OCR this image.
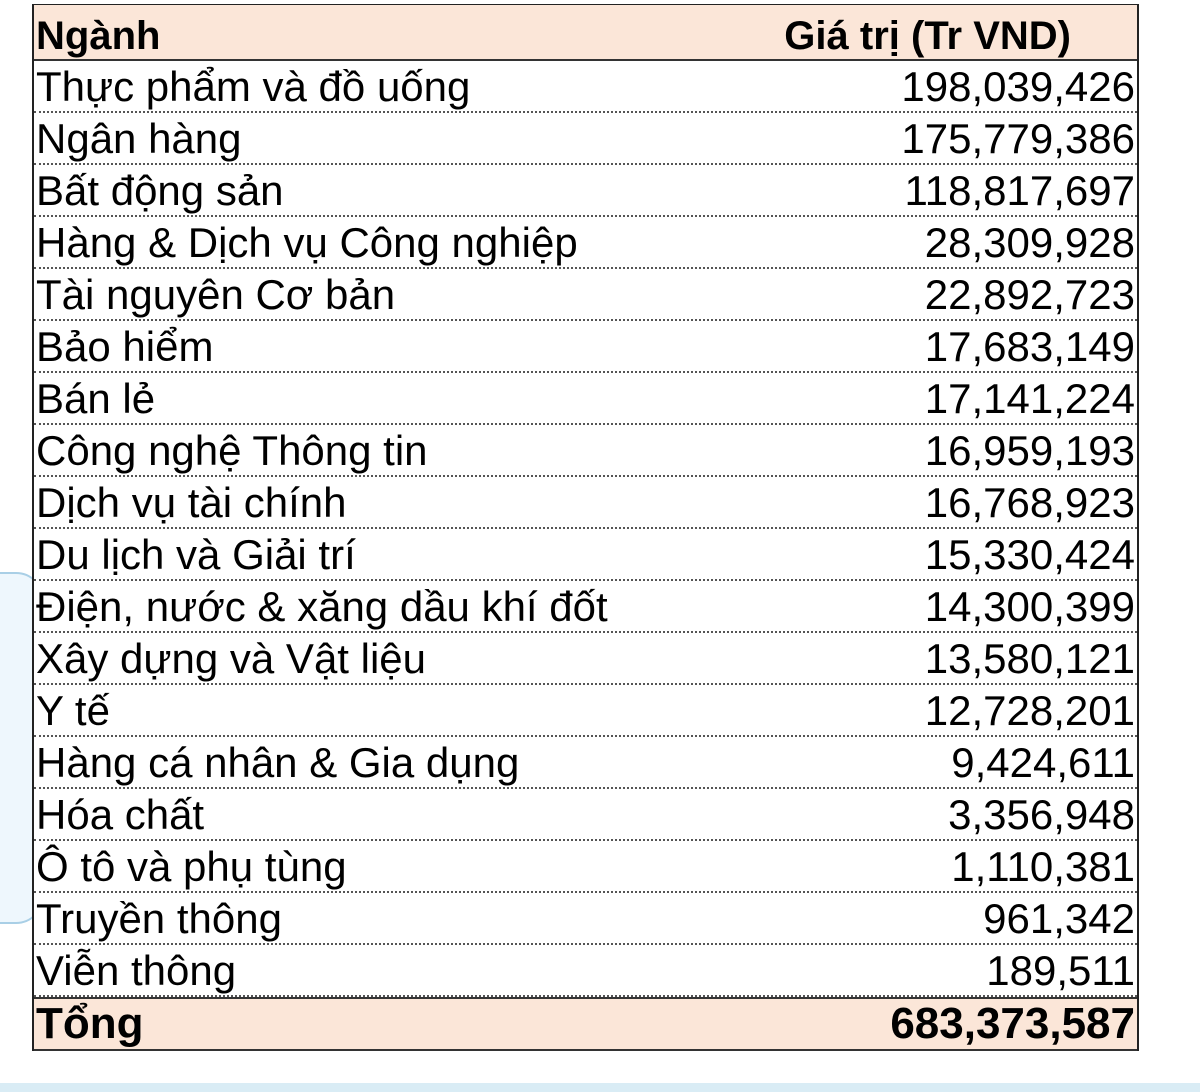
Ngành	Giá trị (Tr VND)
Thực phẩm và đồ uống	198,039,426
Ngân hàng	175,779,386
Bất động sản	118,817,697
Hàng & Dịch vụ Công nghiệp	28,309,928
Tài nguyên Cơ bản	22,892,723
Bảo hiểm	17,683,149
Bán lẻ	17,141,224
Công nghệ Thông tin	16,959,193
Dịch vụ tài chính	16,768,923
Du lịch và Giải trí	15,330,424
Điện, nước & xăng dầu khí đốt	14,300,399
Xây dựng và Vật liệu	13,580,121
Y tế	12,728,201
Hàng cá nhân & Gia dụng	9,424,611
Hóa chất	3,356,948
Ô tô và phụ tùng	1,110,381
Truyền thông	961,342
Viễn thông	189,511
Tổng	683,373,587
